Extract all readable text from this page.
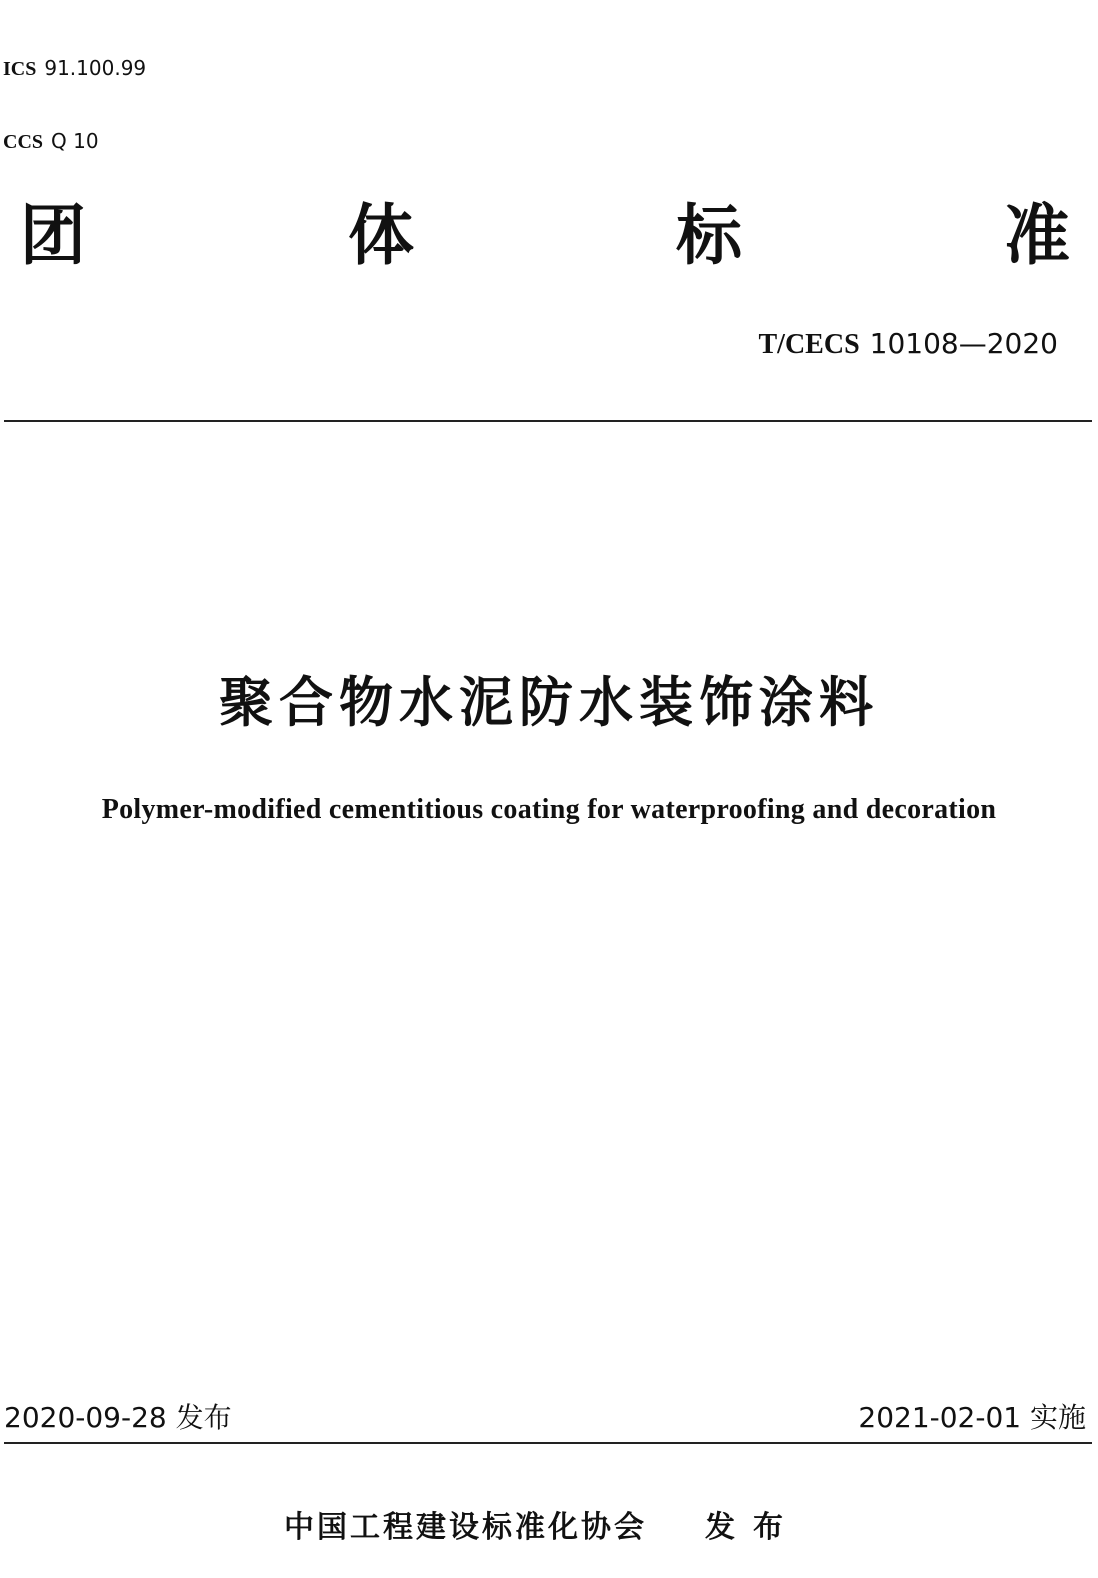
ICS 91.100.99

CCS Q 10

团	体	标	准
T/CECS 10108—2020
聚合物水泥防水装饰涂料
Polymer-modified cementitious coating for waterproofing and decoration
2020-09-28 发布	2021-02-01 实施
中国工程建设标准化协会 发布
